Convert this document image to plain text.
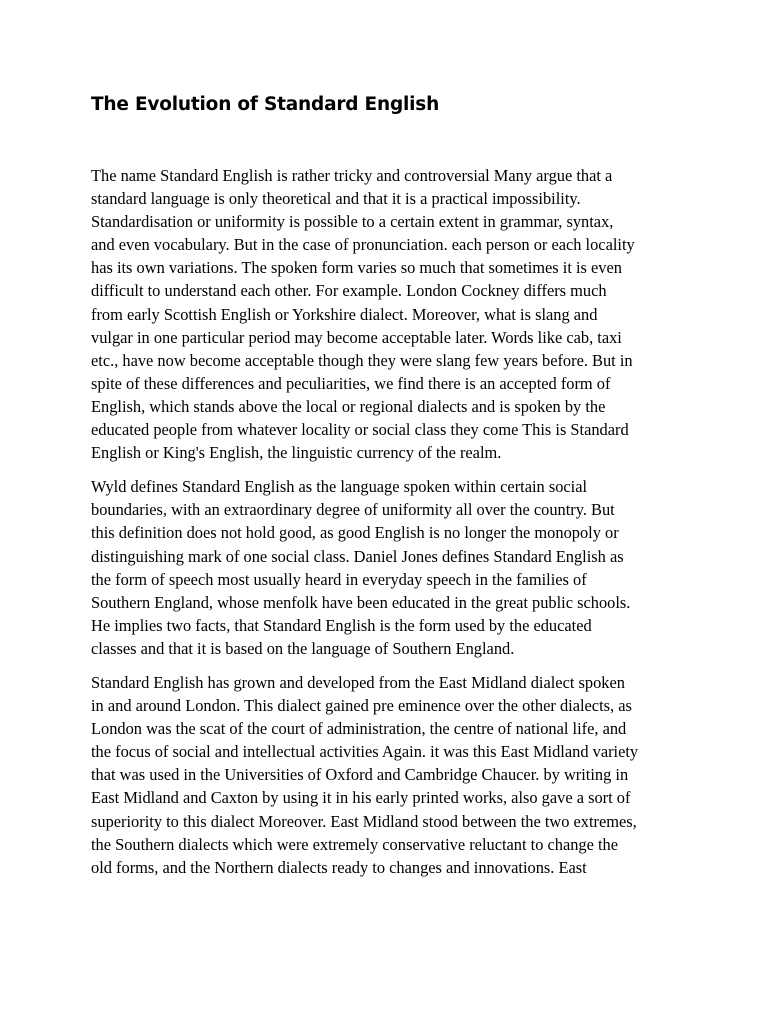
The Evolution of Standard English

The name Standard English is rather tricky and controversial Many argue that a
standard language is only theoretical and that it is a practical impossibility.
Standardisation or uniformity is possible to a certain extent in grammar, syntax,
and even vocabulary. But in the case of pronunciation. each person or each locality
has its own variations. The spoken form varies so much that sometimes it is even
difficult to understand each other. For example. London Cockney differs much
from early Scottish English or Yorkshire dialect. Moreover, what is slang and
vulgar in one particular period may become acceptable later. Words like cab, taxi
etc., have now become acceptable though they were slang few years before. But in
spite of these differences and peculiarities, we find there is an accepted form of
English, which stands above the local or regional dialects and is spoken by the
educated people from whatever locality or social class they come This is Standard
English or King's English, the linguistic currency of the realm.

Wyld defines Standard English as the language spoken within certain social
boundaries, with an extraordinary degree of uniformity all over the country. But
this definition does not hold good, as good English is no longer the monopoly or
distinguishing mark of one social class. Daniel Jones defines Standard English as
the form of speech most usually heard in everyday speech in the families of
Southern England, whose menfolk have been educated in the great public schools.
He implies two facts, that Standard English is the form used by the educated
classes and that it is based on the language of Southern England.

Standard English has grown and developed from the East Midland dialect spoken
in and around London. This dialect gained pre eminence over the other dialects, as
London was the scat of the court of administration, the centre of national life, and
the focus of social and intellectual activities Again. it was this East Midland variety
that was used in the Universities of Oxford and Cambridge Chaucer. by writing in
East Midland and Caxton by using it in his early printed works, also gave a sort of
superiority to this dialect Moreover. East Midland stood between the two extremes,
the Southern dialects which were extremely conservative reluctant to change the
old forms, and the Northern dialects ready to changes and innovations. East
